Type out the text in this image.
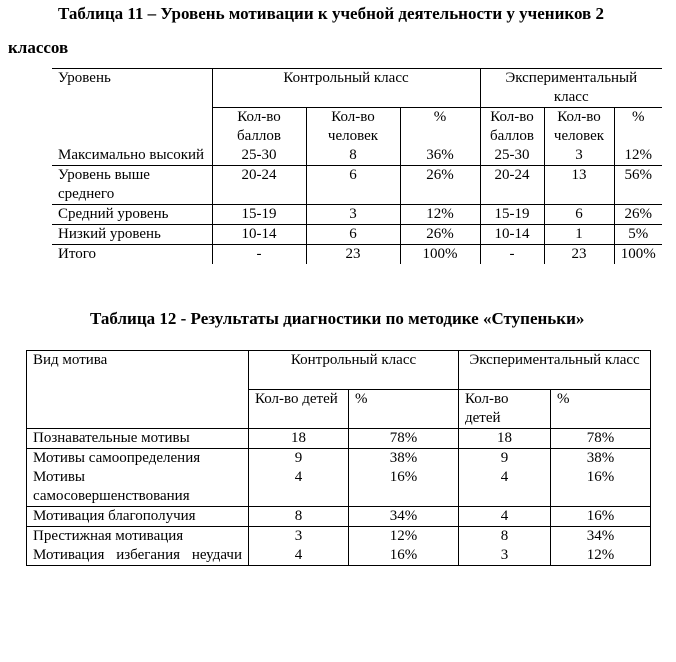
Таблица 11 – Уровень мотивации к учебной деятельности у учеников 2
классов
Уровень	Контрольный класс			Экспериментальный класс		
	Кол-во баллов	Кол-во человек	%	Кол-во баллов	Кол-во человек	%
Максимально высокий	25-30	8	36%	25-30	3	12%
Уровень выше среднего	20-24	6	26%	20-24	13	56%
Средний уровень	15-19	3	12%	15-19	6	26%
Низкий уровень	10-14	6	26%	10-14	1	5%
Итого	-	23	100%	-	23	100%
Таблица 12 - Результаты диагностики по методике «Ступеньки»
Вид мотива	Контрольный класс		Экспериментальный класс	
	Кол-во детей	%	Кол-во детей	%
Познавательные мотивы	18	78%	18	78%
Мотивы самоопределения	9	38%	9	38%
Мотивы самосовершенствования	4	16%	4	16%
Мотивация благополучия	8	34%	4	16%
Престижная мотивация	3	12%	8	34%
Мотивация избегания неудачи	4	16%	3	12%
